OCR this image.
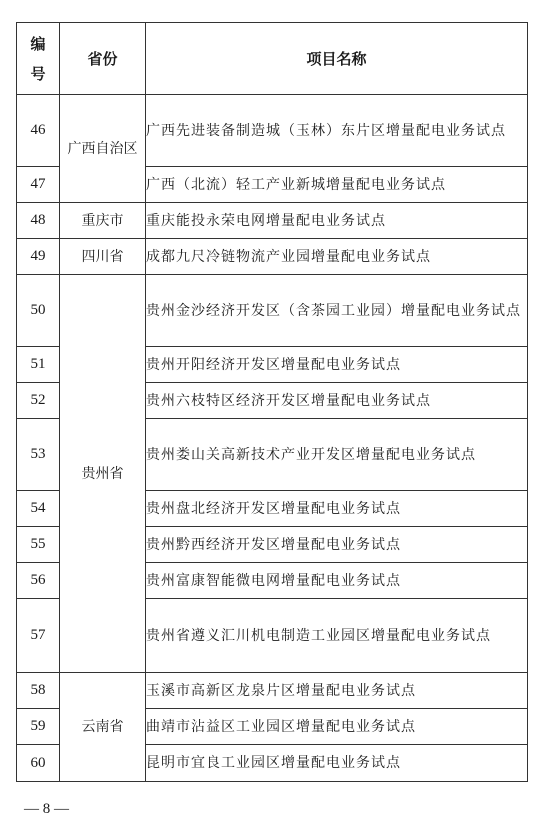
编号	省份	项目名称
46	广西自治区	广西先进装备制造城（玉林）东片区增量配电业务试点
47		广西（北流）轻工产业新城增量配电业务试点
48	重庆市	重庆能投永荣电网增量配电业务试点
49	四川省	成都九尺冷链物流产业园增量配电业务试点
50	贵州省	贵州金沙经济开发区（含茶园工业园）增量配电业务试点
51		贵州开阳经济开发区增量配电业务试点
52		贵州六枝特区经济开发区增量配电业务试点
53		贵州娄山关高新技术产业开发区增量配电业务试点
54		贵州盘北经济开发区增量配电业务试点
55		贵州黔西经济开发区增量配电业务试点
56		贵州富康智能微电网增量配电业务试点
57		贵州省遵义汇川机电制造工业园区增量配电业务试点
58	云南省	玉溪市高新区龙泉片区增量配电业务试点
59		曲靖市沾益区工业园区增量配电业务试点
60		昆明市宜良工业园区增量配电业务试点
— 8 —
